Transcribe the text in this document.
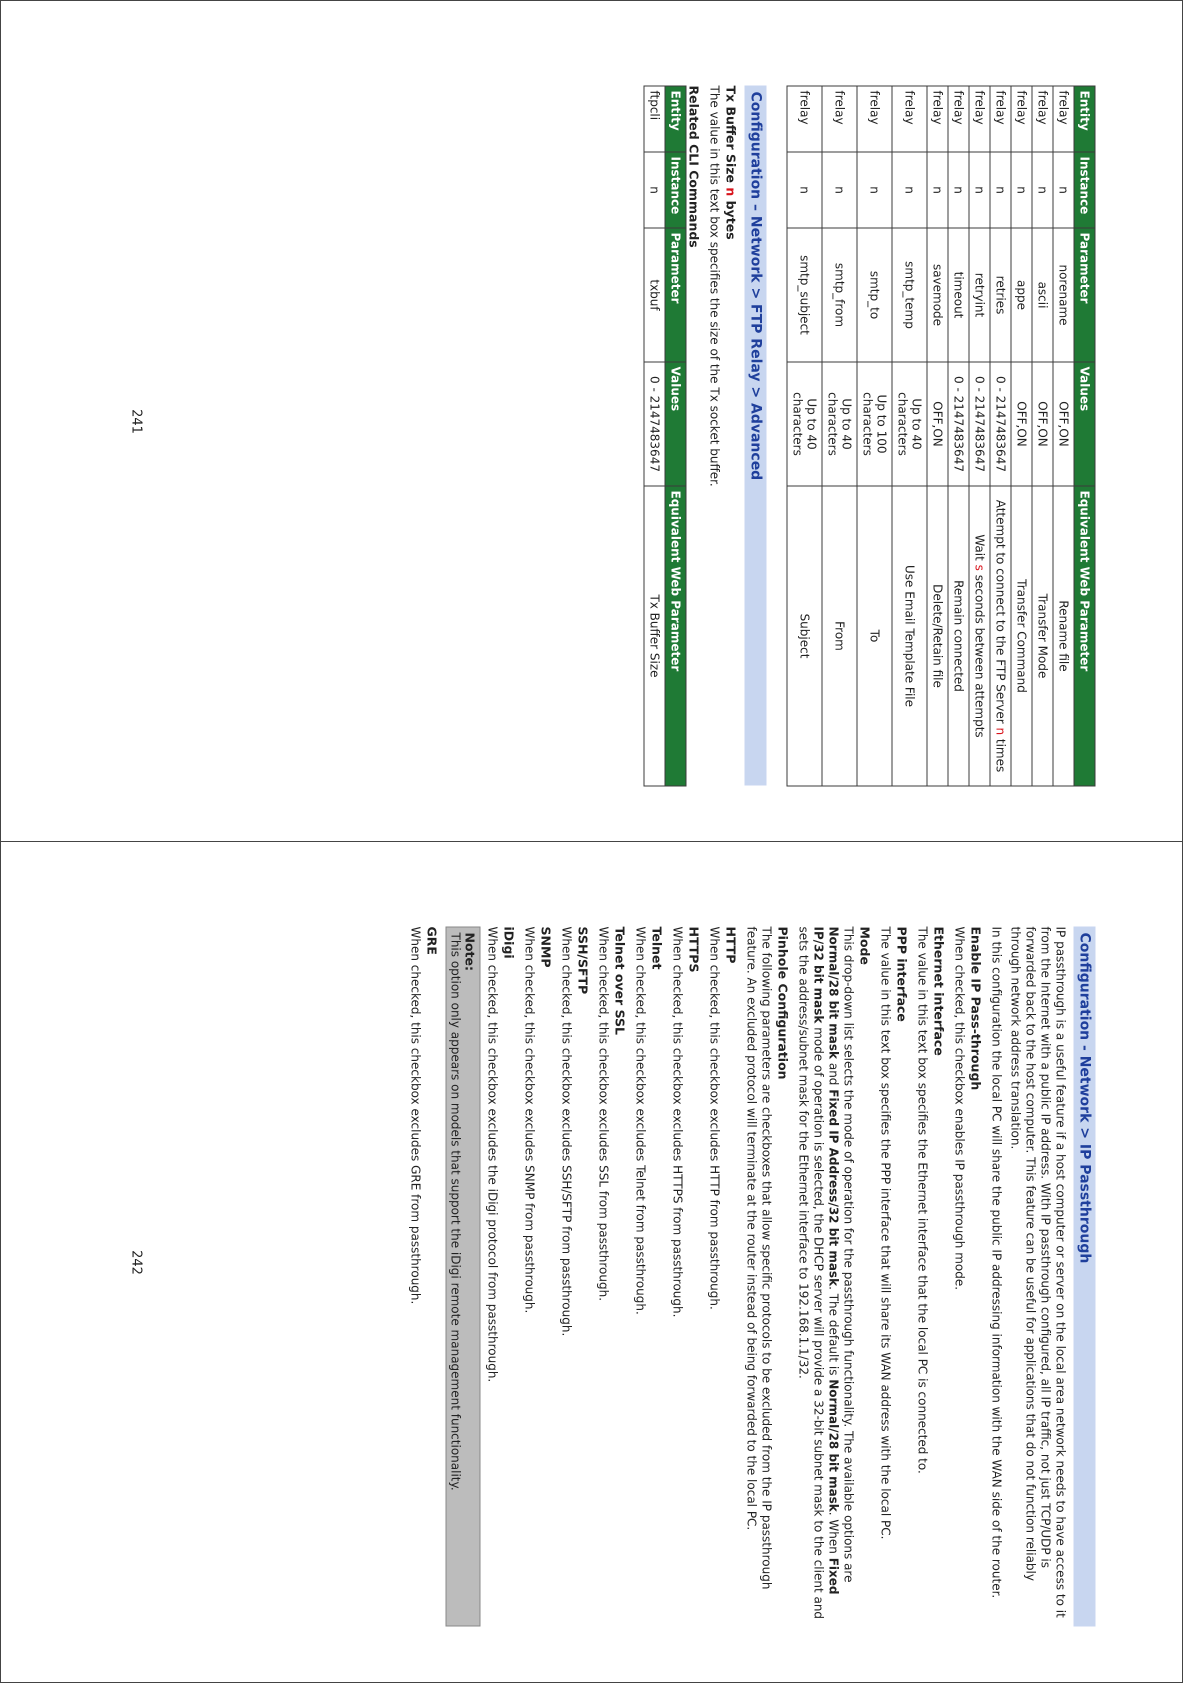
Entity	Instance	Parameter	Values	Equivalent Web Parameter
frelay	n	norename	OFF,ON	Rename file
frelay	n	ascii	OFF,ON	Transfer Mode
frelay	n	appe	OFF,ON	Transfer Command
frelay	n	retries	0 - 2147483647	Attempt to connect to the FTP Server n times
frelay	n	retryint	0 - 2147483647	Wait s seconds between attempts
frelay	n	timeout	0 - 2147483647	Remain connected
frelay	n	savemode	OFF,ON	Delete/Retain file
frelay	n	smtp_temp	Up to 40 characters	Use Email Template File
frelay	n	smtp_to	Up to 100 characters	To
frelay	n	smtp_from	Up to 40 characters	From
frelay	n	smtp_subject	Up to 40 characters	Subject
Configuration – Network > FTP Relay > Advanced
Tx Buffer Size n bytes

The value in this text box specifies the size of the Tx socket buffer.

Related CLI Commands
Entity	Instance	Parameter	Values	Equivalent Web Parameter
ftpcli	n	txbuf	0 - 2147483647	Tx Buffer Size
241
Configuration - Network > IP Passthrough

IP passthrough is a useful feature if a host computer or server on the local area network needs to have access to it from the Internet with a public IP address. With IP passthrough configured, all IP traffic, not just TCP/UDP is forwarded back to the host computer. This feature can be useful for applications that do not function reliably through network address translation.

In this configuration the local PC will share the public IP addressing information with the WAN side of the router.

Enable IP Pass-through

When checked, this checkbox enables IP passthrough mode.

Ethernet interface

The value in this text box specifies the Ethernet interface that the local PC is connected to.

PPP interface

The value in this text box specifies the PPP interface that will share its WAN address with the local PC.

Mode

This drop-down list selects the mode of operation for the passthrough functionality. The available options are Normal/28 bit mask and Fixed IP Address/32 bit mask. The default is Normal/28 bit mask. When Fixed IP/32 bit mask mode of operation is selected, the DHCP server will provide a 32-bit subnet mask to the client and sets the address/subnet mask for the Ethernet interface to 192.168.1.1/32.

Pinhole Configuration

The following parameters are checkboxes that allow specific protocols to be excluded from the IP passthrough feature. An excluded protocol will terminate at the router instead of being forwarded to the local PC.

HTTP

When checked, this checkbox excludes HTTP from passthrough.

HTTPS

When checked, this checkbox excludes HTTPS from passthrough.

Telnet

When checked, this checkbox excludes Telnet from passthrough.

Telnet over SSL

When checked, this checkbox excludes SSL from passthrough.

SSH/SFTP

When checked, this checkbox excludes SSH/SFTP from passthrough.

SNMP

When checked, this checkbox excludes SNMP from passthrough.

iDigi

When checked, this checkbox excludes the iDigi protocol from passthrough.

Note:
This option only appears on models that support the iDigi remote management functionality.
GRE

When checked, this checkbox excludes GRE from passthrough.

242
